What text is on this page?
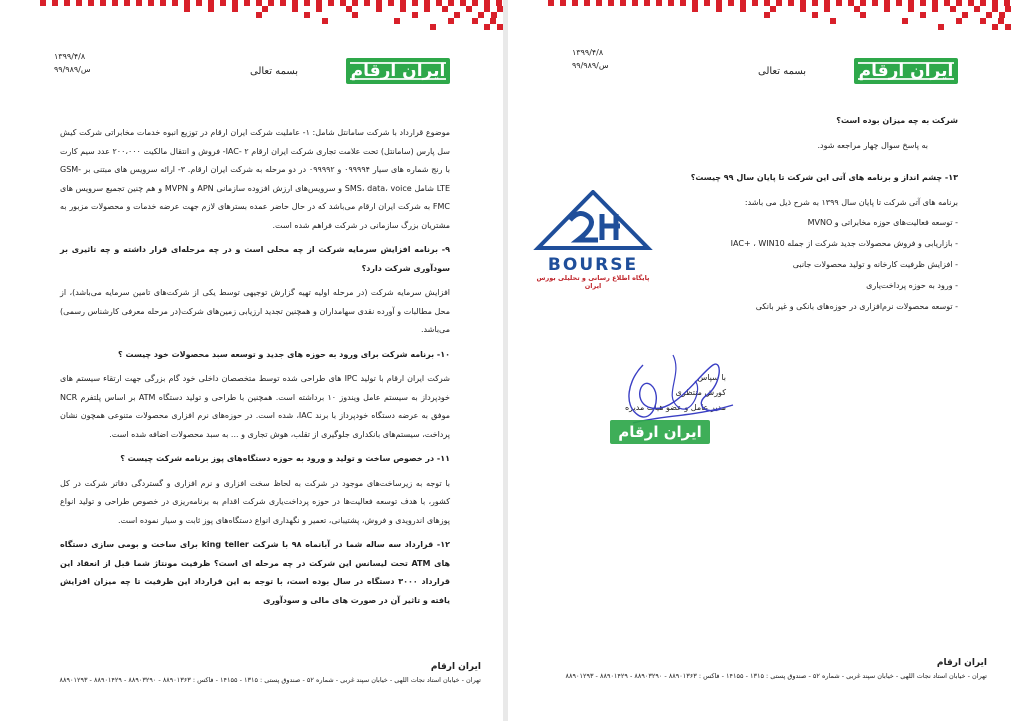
ایران ارقام
بسمه تعالی
۱۳۹۹/۴/۸
۹۹/۹۸۹/س

موضوع قرارداد با شرکت سامانتل شامل: ۱- عاملیت شرکت ایران ارقام در توزیع انبوه خدمات مخابراتی شرکت کیش سل پارس (سامانتل) تحت علامت تجاری شرکت ایران ارقام IAC- ۲- فروش و انتقال مالکیت ۲۰۰،۰۰۰ عدد سیم کارت با رنج شماره های سیار ۰۹۹۹۹۴ و ۰۹۹۹۹۲ در دو مرحله به شرکت ایران ارقام. ۳- ارائه سرویس های مبتنی بر GSM-LTE شامل SMS، data، voice و سرویس‌های ارزش افزوده سازمانی APN و MVPN و هم چنین تجمیع سرویس های FMC به شرکت ایران ارقام می‌باشد که در حال حاضر عمده بسترهای لازم جهت عرضه خدمات و محصولات مزبور به مشتریان بزرگ سازمانی در شرکت فراهم شده است.

۹- برنامه افزایش سرمایه شرکت از چه محلی است و در چه مرحله‌ای قرار داشته و چه تاثیری بر سودآوری شرکت دارد؟

افزایش سرمایه شرکت (در مرحله اولیه تهیه گزارش توجیهی توسط یکی از شرکت‌های تامین سرمایه می‌باشد)، از محل مطالبات و آورده نقدی سهامداران و همچنین تجدید ارزیابی زمین‌های شرکت(در مرحله معرفی کارشناس رسمی) می‌باشد.

۱۰- برنامه شرکت برای ورود به حوزه های جدید و توسعه سبد محصولات خود چیست ؟

شرکت ایران ارقام با تولید IPC های طراحی شده توسط متخصصان داخلی خود گام بزرگی جهت ارتقاء سیستم های خودپرداز به سیستم عامل ویندوز ۱۰ برداشته است. همچنین با طراحی و تولید دستگاه ATM بر اساس پلتفرم NCR موفق به عرضه دستگاه خودپرداز با برند IAC، شده است. در حوزه‌های نرم افزاری محصولات متنوعی همچون نشان پرداخت، سیستم‌های بانکداری جلوگیری از تقلب، هوش تجاری و ... به سبد محصولات اضافه شده است.

۱۱- در خصوص ساخت و تولید و ورود به حوزه دستگاه‌های پوز برنامه شرکت چیست ؟

با توجه به زیرساخت‌های موجود در شرکت به لحاظ سخت افزاری و نرم افزاری و گستردگی دفاتر شرکت در کل کشور، با هدف توسعه فعالیت‌ها در حوزه پرداخت‌یاری شرکت اقدام به برنامه‌ریزی در خصوص طراحی و تولید انواع پوزهای اندرویدی و فروش، پشتیبانی، تعمیر و نگهداری انواع دستگاه‌های پوز ثابت و سیار نموده است.

۱۲- قرارداد سه ساله شما در آبانماه ۹۸ با شرکت king teller برای ساخت و بومی سازی دستگاه های ATM تحت لیسانس این شرکت در چه مرحله ای است؟ ظرفیت مونتاژ شما قبل از انعقاد این قرارداد ۳۰۰۰ دستگاه در سال بوده است، با توجه به این قرارداد این ظرفیت تا چه میزان افزایش یافته و تاثیر آن در صورت های مالی و سودآوری

ایران ارقام
تهران - خیابان استاد نجات اللهی - خیابان سپند غربی - شماره ۵۲ - صندوق پستی : ۱۳۱۵ - ۱۴۱۵۵ - فاکس : ۸۸۹۰۱۳۶۳ - ۸۸۹۰۳۲۹۰ - ۸۸۹۰۱۴۲۹ - ۸۸۹۰۱۲۹۳
ایران ارقام
بسمه تعالی
۱۳۹۹/۴/۸
۹۹/۹۸۹/س
BOURSE
پایگاه اطلاع رسانی و تحلیلی بورس ایران

شرکت به چه میزان بوده است؟

به پاسخ سوال چهار مراجعه شود.

۱۳- چشم انداز و برنامه های آتی این شرکت تا پایان سال ۹۹ چیست؟

برنامه های آتی شرکت تا پایان سال ۱۳۹۹ به شرح ذیل می باشد:

- توسعه فعالیت‌های حوزه مخابراتی و MVNO
- بازاریابی و فروش محصولات جدید شرکت از جمله IAC+ ، WIN10
- افزایش ظرفیت کارخانه و تولید محصولات جانبی
- ورود به حوزه پرداخت‌یاری
- توسعه محصولات نرم‌افزاری در حوزه‌های بانکی و غیر بانکی
با سپاس
کورش منتظری
مدیر عامل و عضو هیات مدیره
ایران ارقام
ایران ارقام
تهران - خیابان استاد نجات اللهی - خیابان سپند غربی - شماره ۵۲ - صندوق پستی : ۱۳۱۵ - ۱۴۱۵۵ - فاکس : ۸۸۹۰۱۳۶۳ - ۸۸۹۰۳۲۹۰ - ۸۸۹۰۱۴۲۹ - ۸۸۹۰۱۲۹۳
